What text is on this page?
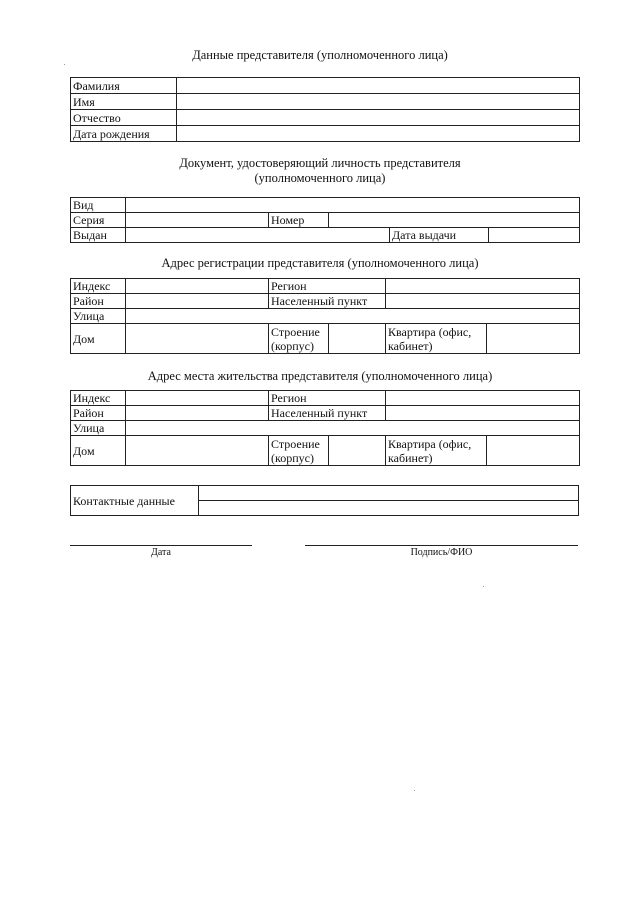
Данные представителя (уполномоченного лица)
Фамилия	
Имя	
Отчество	
Дата рождения	
Документ, удостоверяющий личность представителя
(уполномоченного лица)
Вид					
Серия		Номер			
Выдан				Дата выдачи	
Адрес регистрации представителя (уполномоченного лица)
Индекс		Регион			
Район		Населенный пункт			
Улица					
Дом		Строение (корпус)		Квартира (офис, кабинет)	
Адрес места жительства представителя (уполномоченного лица)
Индекс		Регион			
Район		Населенный пункт			
Улица					
Дом		Строение (корпус)		Квартира (офис, кабинет)	
Контактные данные	

Дата	Подпись/ФИО
